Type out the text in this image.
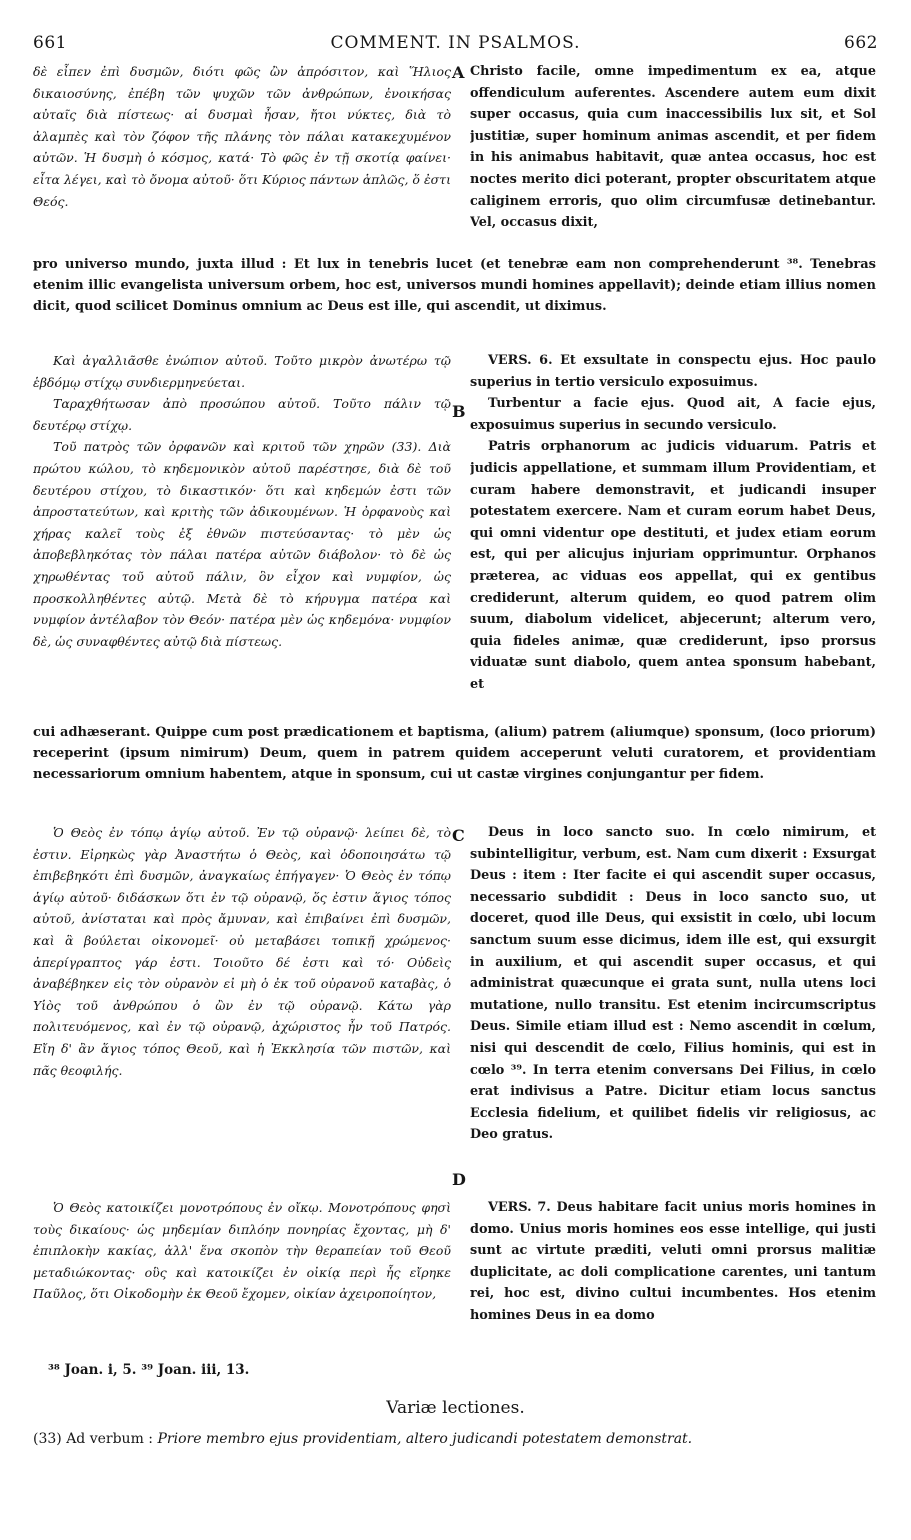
661	COMMENT. IN PSALMOS.	662

δὲ εἶπεν ἐπὶ δυσμῶν, διότι φῶς ὢν ἀπρόσιτον, καὶ Ἥλιος δικαιοσύνης, ἐπέβη τῶν ψυχῶν τῶν ἀνθρώπων, ἐνοικήσας αὐταῖς διὰ πίστεως· αἱ δυσμαὶ ἦσαν, ἤτοι νύκτες, διὰ τὸ ἀλαμπὲς καὶ τὸν ζόφον τῆς πλάνης τὸν πάλαι κατακεχυμένον αὐτῶν. Ἡ δυσμὴ ὁ κόσμος, κατά· Τὸ φῶς ἐν τῇ σκοτίᾳ φαίνει· εἶτα λέγει, καὶ τὸ ὄνομα αὐτοῦ· ὅτι Κύριος πάντων ἁπλῶς, ὅ ἐστι Θεός.

A Christo facile, omne impedimentum ex ea, atque offendiculum auferentes. Ascendere autem eum dixit super occasus, quia cum inaccessibilis lux sit, et Sol justitiæ, super hominum animas ascendit, et per fidem in his animabus habitavit, quæ antea occasus, hoc est noctes merito dici poterant, propter obscuritatem atque caliginem erroris, quo olim circumfusæ detinebantur. Vel, occasus dixit,

pro universo mundo, juxta illud : Et lux in tenebris lucet (et tenebræ eam non comprehenderunt ³⁸. Tenebras etenim illic evangelista universum orbem, hoc est, universos mundi homines appellavit); deinde etiam illius nomen dicit, quod scilicet Dominus omnium ac Deus est ille, qui ascendit, ut diximus.

Καὶ ἀγαλλιᾶσθε ἐνώπιον αὐτοῦ. Τοῦτο μικρὸν ἀνωτέρω τῷ ἑβδόμῳ στίχῳ συνδιερμηνεύεται.

Ταραχθήτωσαν ἀπὸ προσώπου αὐτοῦ. Τοῦτο πάλιν τῷ δευτέρῳ στίχῳ.

Τοῦ πατρὸς τῶν ὀρφανῶν καὶ κριτοῦ τῶν χηρῶν (33). Διὰ πρώτου κώλου, τὸ κηδεμονικὸν αὐτοῦ παρέστησε, διὰ δὲ τοῦ δευτέρου στίχου, τὸ δικαστικόν· ὅτι καὶ κηδεμών ἐστι τῶν ἀπροστατεύτων, καὶ κριτὴς τῶν ἀδικουμένων. Ἡ ὀρφανοὺς καὶ χήρας καλεῖ τοὺς ἐξ ἐθνῶν πιστεύσαντας· τὸ μὲν ὡς ἀποβεβληκότας τὸν πάλαι πατέρα αὐτῶν διάβολον· τὸ δὲ ὡς χηρωθέντας τοῦ αὐτοῦ πάλιν, ὃν εἶχον καὶ νυμφίον, ὡς προσκολληθέντες αὐτῷ. Μετὰ δὲ τὸ κήρυγμα πατέρα καὶ νυμφίον ἀντέλαβον τὸν Θεόν· πατέρα μὲν ὡς κηδεμόνα· νυμφίον δὲ, ὡς συναφθέντες αὐτῷ διὰ πίστεως.

B

VERS. 6. Et exsultate in conspectu ejus. Hoc paulo superius in tertio versiculo exposuimus.

Turbentur a facie ejus. Quod ait, A facie ejus, exposuimus superius in secundo versiculo.

Patris orphanorum ac judicis viduarum. Patris et judicis appellatione, et summam illum Providentiam, et curam habere demonstravit, et judicandi insuper potestatem exercere. Nam et curam eorum habet Deus, qui omni videntur ope destituti, et judex etiam eorum est, qui per alicujus injuriam opprimuntur. Orphanos præterea, ac viduas eos appellat, qui ex gentibus crediderunt, alterum quidem, eo quod patrem olim suum, diabolum videlicet, abjecerunt; alterum vero, quia fideles animæ, quæ crediderunt, ipso prorsus viduatæ sunt diabolo, quem antea sponsum habebant, et

cui adhæserant. Quippe cum post prædicationem et baptisma, (alium) patrem (aliumque) sponsum, (loco priorum) receperint (ipsum nimirum) Deum, quem in patrem quidem acceperunt veluti curatorem, et providentiam necessariorum omnium habentem, atque in sponsum, cui ut castæ virgines conjungantur per fidem.

Ὁ Θεὸς ἐν τόπῳ ἁγίῳ αὐτοῦ. Ἐν τῷ οὐρανῷ· λείπει δὲ, τὸ ἐστιν. Εἰρηκὼς γὰρ Ἀναστήτω ὁ Θεὸς, καὶ ὁδοποιησάτω τῷ ἐπιβεβηκότι ἐπὶ δυσμῶν, ἀναγκαίως ἐπήγαγεν· Ὁ Θεὸς ἐν τόπῳ ἁγίῳ αὐτοῦ· διδάσκων ὅτι ἐν τῷ οὐρανῷ, ὅς ἐστιν ἅγιος τόπος αὐτοῦ, ἀνίσταται καὶ πρὸς ἄμυναν, καὶ ἐπιβαίνει ἐπὶ δυσμῶν, καὶ ἃ βούλεται οἰκονομεῖ· οὐ μεταβάσει τοπικῇ χρώμενος· ἀπερίγραπτος γάρ ἐστι. Τοιοῦτο δέ ἐστι καὶ τό· Οὐδεὶς ἀναβέβηκεν εἰς τὸν οὐρανὸν εἰ μὴ ὁ ἐκ τοῦ οὐρανοῦ καταβὰς, ὁ Υἱὸς τοῦ ἀνθρώπου ὁ ὢν ἐν τῷ οὐρανῷ. Κάτω γὰρ πολιτευόμενος, καὶ ἐν τῷ οὐρανῷ, ἀχώριστος ἦν τοῦ Πατρός. Εἴη δ' ἂν ἅγιος τόπος Θεοῦ, καὶ ἡ Ἐκκλησία τῶν πιστῶν, καὶ πᾶς θεοφιλής.

C	Deus in loco sancto suo. In cœlo nimirum, et subintelligitur, verbum, est. Nam cum dixerit : Exsurgat Deus : item : Iter facite ei qui ascendit super occasus, necessario subdidit : Deus in loco sancto suo, ut doceret, quod ille Deus, qui exsistit in cœlo, ubi locum sanctum suum esse dicimus, idem ille est, qui exsurgit in auxilium, et qui ascendit super occasus, et qui administrat quæcunque ei grata sunt, nulla utens loci mutatione, nullo transitu. Est etenim incircumscriptus Deus. Simile etiam illud est : Nemo ascendit in cœlum, nisi qui descendit de cœlo, Filius hominis, qui est in cœlo ³⁹. In terra etenim conversans Dei Filius, in cœlo erat indivisus a Patre. Dicitur etiam locus sanctus Ecclesia fidelium, et quilibet fidelis vir religiosus, ac Deo gratus.

D

Ὁ Θεὸς κατοικίζει μονοτρόπους ἐν οἴκῳ. Μονοτρόπους φησὶ τοὺς δικαίους· ὡς μηδεμίαν διπλόην πονηρίας ἔχοντας, μὴ δ' ἐπιπλοκὴν κακίας, ἀλλ' ἕνα σκοπὸν τὴν θεραπείαν τοῦ Θεοῦ μεταδιώκοντας· οὓς καὶ κατοικίζει ἐν οἰκίᾳ περὶ ἧς εἴρηκε Παῦλος, ὅτι Οἰκοδομὴν ἐκ Θεοῦ ἔχομεν, οἰκίαν ἀχειροποίητον,

VERS. 7. Deus habitare facit unius moris homines in domo. Unius moris homines eos esse intellige, qui justi sunt ac virtute præditi, veluti omni prorsus malitiæ duplicitate, ac doli complicatione carentes, uni tantum rei, hoc est, divino cultui incumbentes. Hos etenim homines Deus in ea domo

³⁸ Joan. i, 5. ³⁹ Joan. iii, 13.
Variæ lectiones.
(33) Ad verbum : Priore membro ejus providentiam, altero judicandi potestatem demonstrat.
